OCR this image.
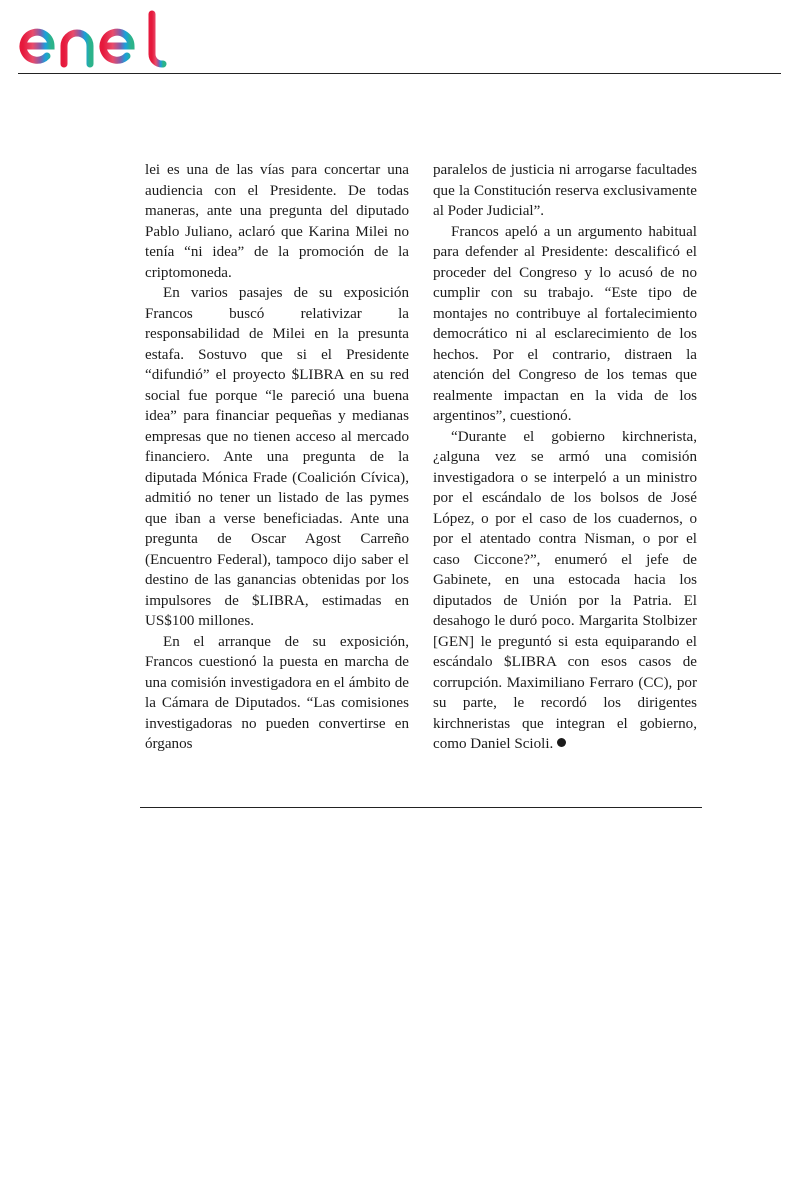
lei es una de las vías para concertar una audiencia con el Presidente. De todas maneras, ante una pregunta del diputado Pablo Juliano, aclaró que Karina Milei no tenía “ni idea” de la promoción de la criptomoneda.

En varios pasajes de su exposición Francos buscó relativizar la responsabilidad de Milei en la presunta estafa. Sostuvo que si el Presidente “difundió” el proyecto $LIBRA en su red social fue porque “le pareció una buena idea” para financiar pequeñas y medianas empresas que no tienen acceso al mercado financiero. Ante una pregunta de la diputada Mónica Frade (Coalición Cívica), admitió no tener un listado de las pymes que iban a verse beneficiadas. Ante una pregunta de Oscar Agost Carreño (Encuentro Federal), tampoco dijo saber el destino de las ganancias obtenidas por los impulsores de $LIBRA, estimadas en US$100 millones.

En el arranque de su exposición, Francos cuestionó la puesta en marcha de una comisión investigadora en el ámbito de la Cámara de Diputados. “Las comisiones investigadoras no pueden convertirse en órganos

paralelos de justicia ni arrogarse facultades que la Constitución reserva exclusivamente al Poder Judicial”.

Francos apeló a un argumento habitual para defender al Presidente: descalificó el proceder del Congreso y lo acusó de no cumplir con su trabajo. “Este tipo de montajes no contribuye al fortalecimiento democrático ni al esclarecimiento de los hechos. Por el contrario, distraen la atención del Congreso de los temas que realmente impactan en la vida de los argentinos”, cuestionó.

“Durante el gobierno kirchnerista, ¿alguna vez se armó una comisión investigadora o se interpeló a un ministro por el escándalo de los bolsos de José López, o por el caso de los cuadernos, o por el atentado contra Nisman, o por el caso Ciccone?”, enumeró el jefe de Gabinete, en una estocada hacia los diputados de Unión por la Patria. El desahogo le duró poco. Margarita Stolbizer [GEN] le preguntó si esta equiparando el escándalo $LIBRA con esos casos de corrupción. Maximiliano Ferraro (CC), por su parte, le recordó los dirigentes kirchneristas que integran el gobierno, como Daniel Scioli.
